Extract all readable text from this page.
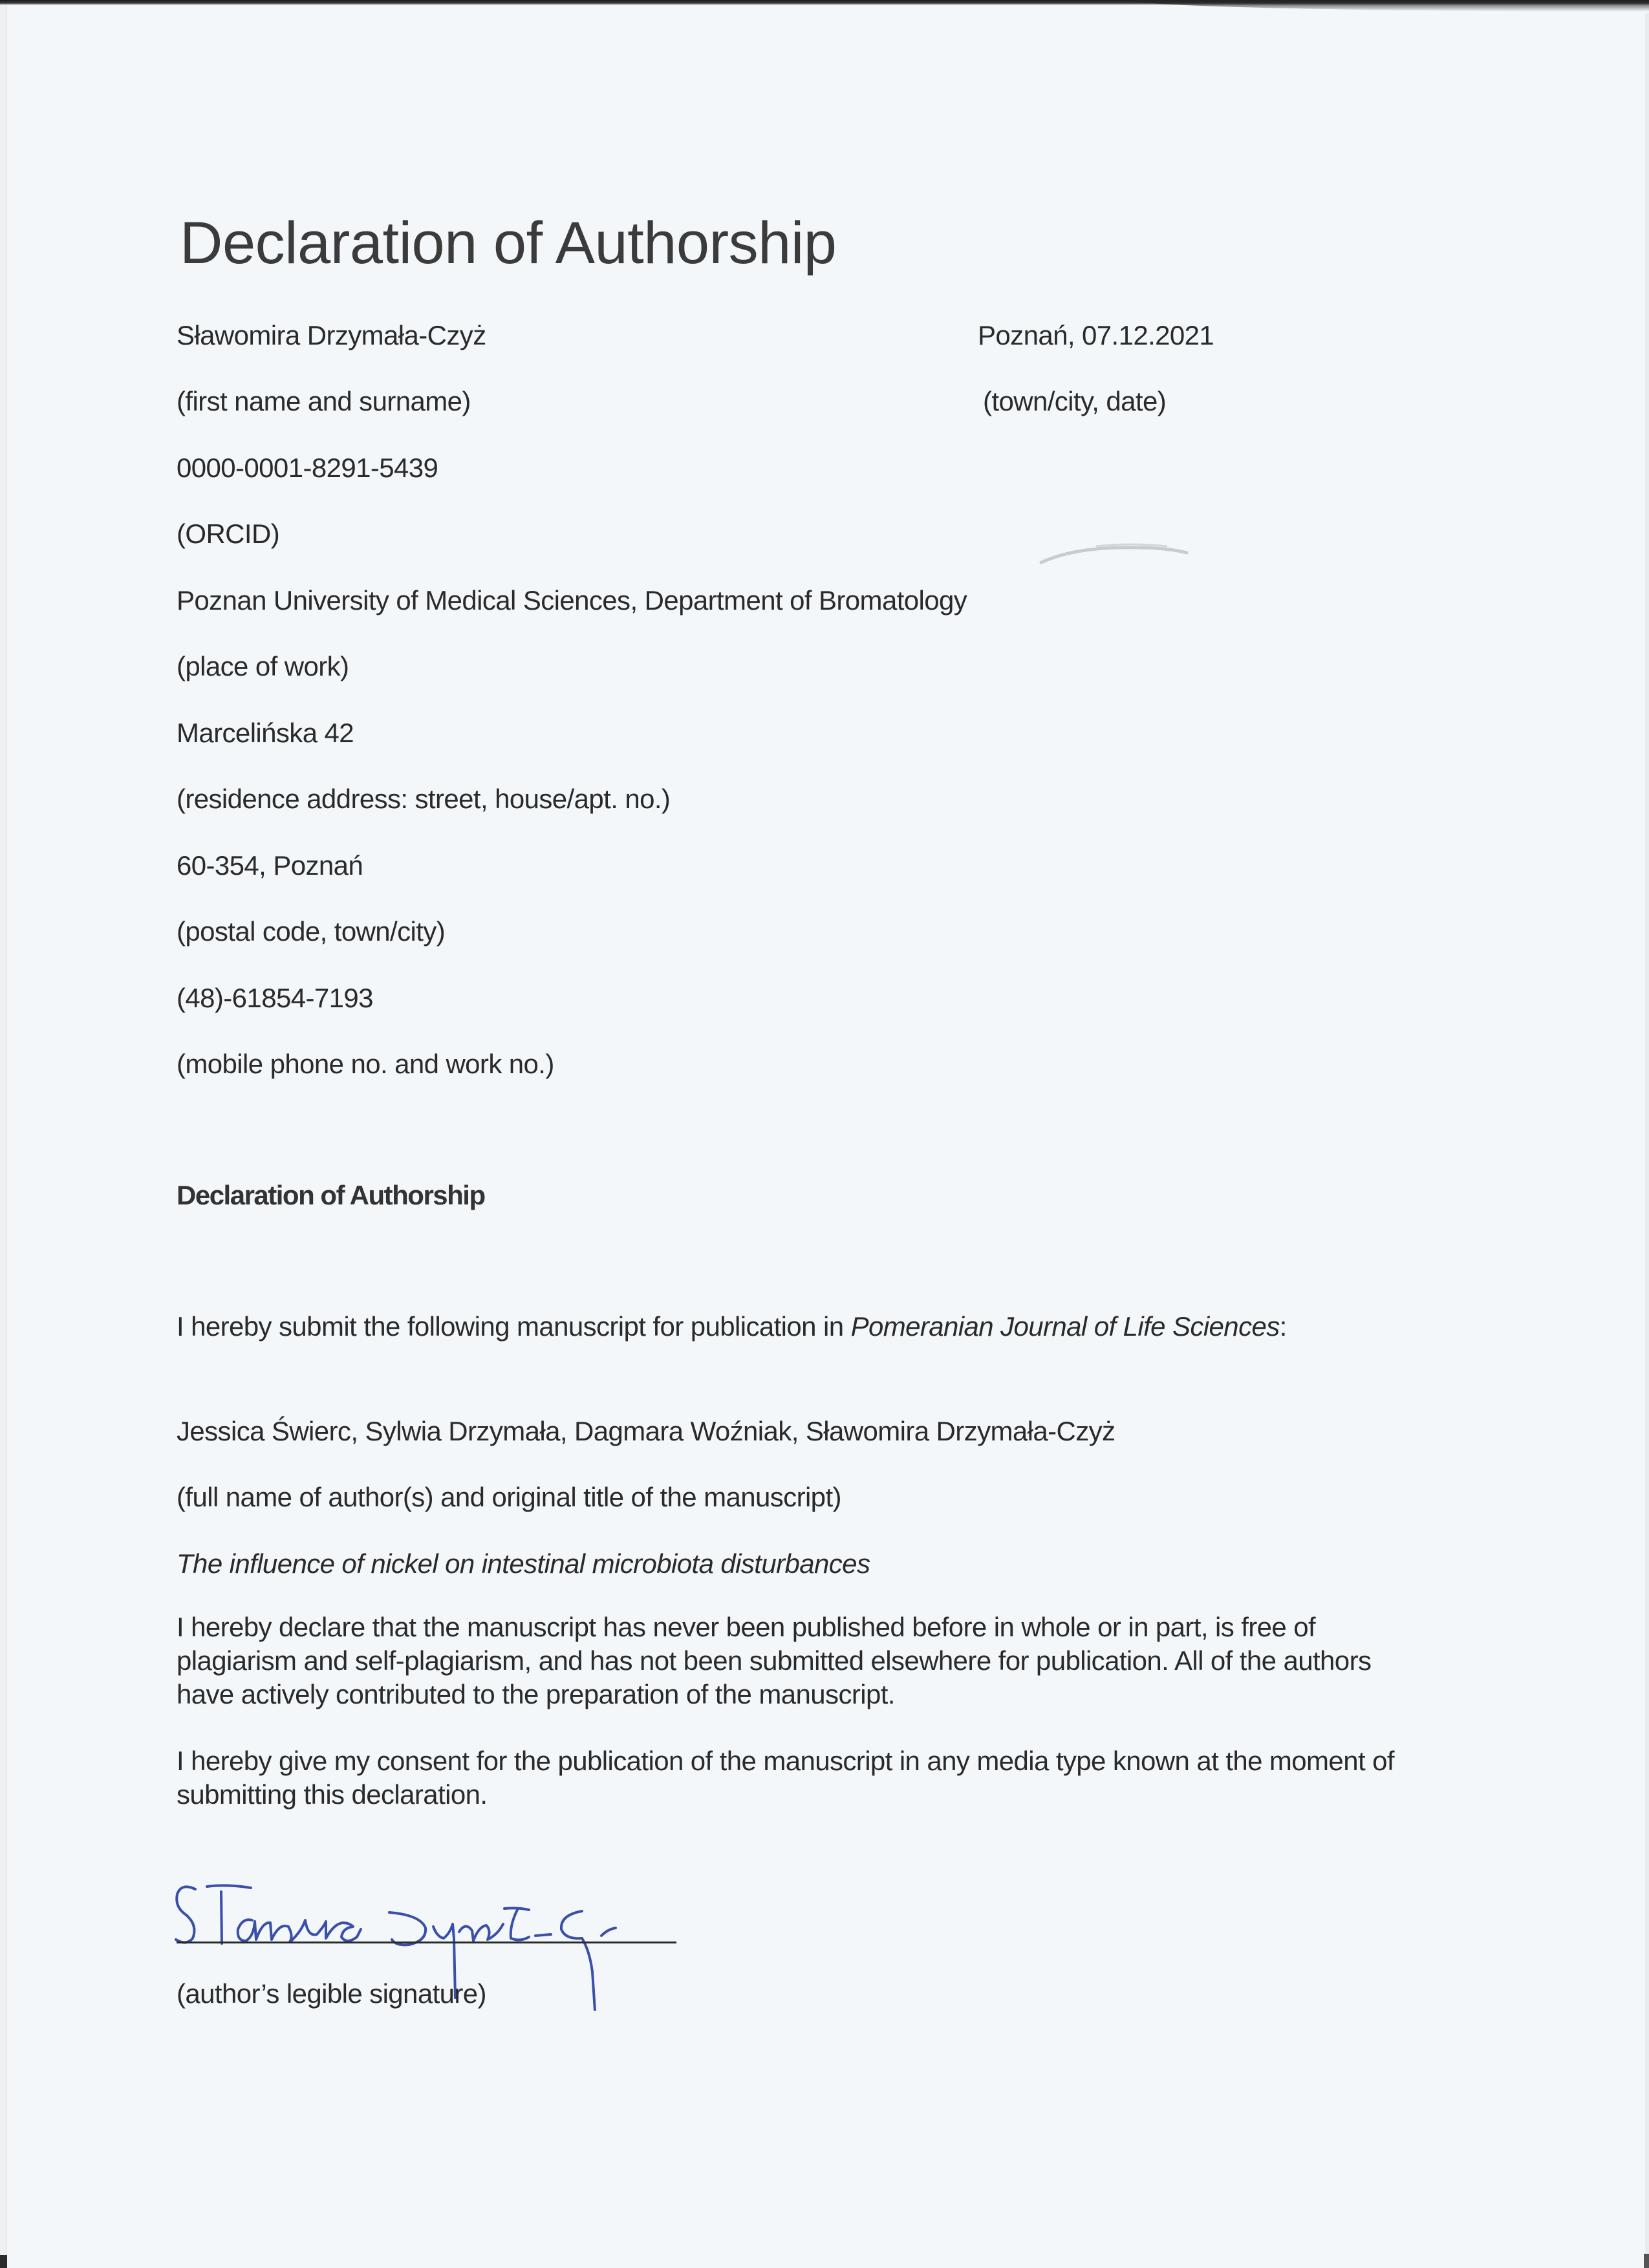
Declaration of Authorship
Sławomira Drzymała-Czyż	Poznań, 07.12.2021
(first name and surname)	(town/city, date)
0000-0001-8291-5439
(ORCID)
Poznan University of Medical Sciences, Department of Bromatology
(place of work)
Marcelińska 42
(residence address: street, house/apt. no.)
60-354, Poznań
(postal code, town/city)
(48)-61854-7193
(mobile phone no. and work no.)
Declaration of Authorship
I hereby submit the following manuscript for publication in Pomeranian Journal of Life Sciences:
Jessica Świerc, Sylwia Drzymała, Dagmara Woźniak, Sławomira Drzymała-Czyż
(full name of author(s) and original title of the manuscript)
The influence of nickel on intestinal microbiota disturbances
I hereby declare that the manuscript has never been published before in whole or in part, is free of plagiarism and self-plagiarism, and has not been submitted elsewhere for publication. All of the authors have actively contributed to the preparation of the manuscript.
I hereby give my consent for the publication of the manuscript in any media type known at the moment of submitting this declaration.
(author’s legible signature)
